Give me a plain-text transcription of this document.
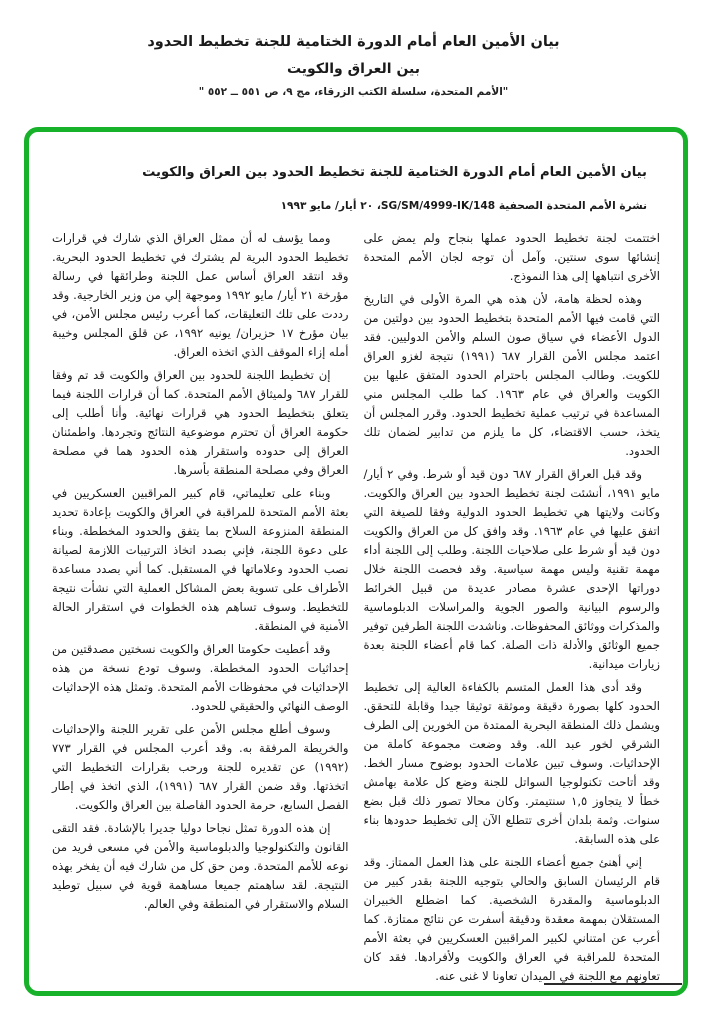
بيان الأمين العام أمام الدورة الختامية للجنة تخطيط الحدود
بين العراق والكويت
"الأمم المتحدة، سلسلة الكتب الزرقاء، مج ٩، ص ٥٥١ ــ ٥٥٢ "
بيان الأمين العام أمام الدورة الختامية للجنة تخطيط الحدود بين العراق والكويت
نشرة الأمم المتحدة الصحفية SG/SM/4999-IK/148، ٢٠ أيار/ مايو ١٩٩٣

اختتمت لجنة تخطيط الحدود عملها بنجاح ولم يمض على إنشائها سوى سنتين. وآمل أن توجه لجان الأمم المتحدة الأخرى انتباهها إلى هذا النموذج.

وهذه لحظة هامة، لأن هذه هي المرة الأولى في التاريخ التي قامت فيها الأمم المتحدة بتخطيط الحدود بين دولتين من الدول الأعضاء في سياق صون السلم والأمن الدوليين. فقد اعتمد مجلس الأمن القرار ٦٨٧ (١٩٩١) نتيجة لغزو العراق للكويت. وطالب المجلس باحترام الحدود المتفق عليها بين الكويت والعراق في عام ١٩٦٣. كما طلب المجلس مني المساعدة في ترتيب عملية تخطيط الحدود. وقرر المجلس أن يتخذ، حسب الاقتضاء، كل ما يلزم من تدابير لضمان تلك الحدود.

وقد قبل العراق القرار ٦٨٧ دون قيد أو شرط. وفي ٢ أيار/ مايو ١٩٩١، أنشئت لجنة تخطيط الحدود بين العراق والكويت. وكانت ولايتها هي تخطيط الحدود الدولية وفقا للصيغة التي اتفق عليها في عام ١٩٦٣. وقد وافق كل من العراق والكويت دون قيد أو شرط على صلاحيات اللجنة. وطلب إلى اللجنة أداء مهمة تقنية وليس مهمة سياسية. وقد فحصت اللجنة خلال دوراتها الإحدى عشرة مصادر عديدة من قبيل الخرائط والرسوم البيانية والصور الجوية والمراسلات الدبلوماسية والمذكرات ووثائق المحفوظات. وناشدت اللجنة الطرفين توفير جميع الوثائق والأدلة ذات الصلة. كما قام أعضاء اللجنة بعدة زيارات ميدانية.

وقد أدى هذا العمل المتسم بالكفاءة العالية إلى تخطيط الحدود كلها بصورة دقيقة وموثقة توثيقا جيدا وقابلة للتحقق. ويشمل ذلك المنطقة البحرية الممتدة من الخورين إلى الطرف الشرقي لخور عبد الله. وقد وضعت مجموعة كاملة من الإحداثيات. وسوف تبين علامات الحدود بوضوح مسار الخط. وقد أتاحت تكنولوجيا السواتل للجنة وضع كل علامة بهامش خطأ لا يتجاوز ١,٥ سنتيمتر. وكان محالا تصور ذلك قبل بضع سنوات. وثمة بلدان أخرى تتطلع الآن إلى تخطيط حدودها بناء على هذه السابقة.

إني أهنئ جميع أعضاء اللجنة على هذا العمل الممتاز. وقد قام الرئيسان السابق والحالي بتوجيه اللجنة بقدر كبير من الدبلوماسية والمقدرة الشخصية. كما اضطلع الخبيران المستقلان بمهمة معقدة ودقيقة أسفرت عن نتائج ممتازة. كما أعرب عن امتناني لكبير المراقبين العسكريين في بعثة الأمم المتحدة للمراقبة في العراق والكويت ولأفرادها. فقد كان تعاونهم مع اللجنة في الميدان تعاونا لا غنى عنه.

ومما يؤسف له أن ممثل العراق الذي شارك في قرارات تخطيط الحدود البرية لم يشترك في تخطيط الحدود البحرية. وقد انتقد العراق أساس عمل اللجنة وطرائقها في رسالة مؤرخة ٢١ أيار/ مايو ١٩٩٢ وموجهة إلي من وزير الخارجية. وقد رددت على تلك التعليقات، كما أعرب رئيس مجلس الأمن، في بيان مؤرخ ١٧ حزيران/ يونيه ١٩٩٢، عن قلق المجلس وخيبة أمله إزاء الموقف الذي اتخذه العراق.

إن تخطيط اللجنة للحدود بين العراق والكويت قد تم وفقا للقرار ٦٨٧ ولميثاق الأمم المتحدة. كما أن قرارات اللجنة فيما يتعلق بتخطيط الحدود هي قرارات نهائية. وأنا أطلب إلى حكومة العراق أن تحترم موضوعية النتائج وتجردها. واطمئنان العراق إلى حدوده واستقرار هذه الحدود هما في مصلحة العراق وفي مصلحة المنطقة بأسرها.

وبناء على تعليماتي، قام كبير المراقبين العسكريين في بعثة الأمم المتحدة للمراقبة في العراق والكويت بإعادة تحديد المنطقة المنزوعة السلاح بما يتفق والحدود المخططة. وبناء على دعوة اللجنة، فإني بصدد اتخاذ الترتيبات اللازمة لصيانة نصب الحدود وعلاماتها في المستقبل. كما أني بصدد مساعدة الأطراف على تسوية بعض المشاكل العملية التي نشأت نتيجة للتخطيط. وسوف تساهم هذه الخطوات في استقرار الحالة الأمنية في المنطقة.

وقد أعطيت حكومتا العراق والكويت نسختين مصدقتين من إحداثيات الحدود المخططة. وسوف تودع نسخة من هذه الإحداثيات في محفوظات الأمم المتحدة. وتمثل هذه الإحداثيات الوصف النهائي والحقيقي للحدود.

وسوف أطلع مجلس الأمن على تقرير اللجنة والإحداثيات والخريطة المرفقة به. وقد أعرب المجلس في القرار ٧٧٣ (١٩٩٢) عن تقديره للجنة ورحب بقرارات التخطيط التي اتخذتها. وقد ضمن القرار ٦٨٧ (١٩٩١)، الذي اتخذ في إطار الفصل السابع، حرمة الحدود الفاصلة بين العراق والكويت.

إن هذه الدورة تمثل نجاحا دوليا جديرا بالإشادة. فقد التقى القانون والتكنولوجيا والدبلوماسية والأمن في مسعى فريد من نوعه للأمم المتحدة. ومن حق كل من شارك فيه أن يفخر بهذه النتيجة. لقد ساهمتم جميعا مساهمة قوية في سبيل توطيد السلام والاستقرار في المنطقة وفي العالم.
